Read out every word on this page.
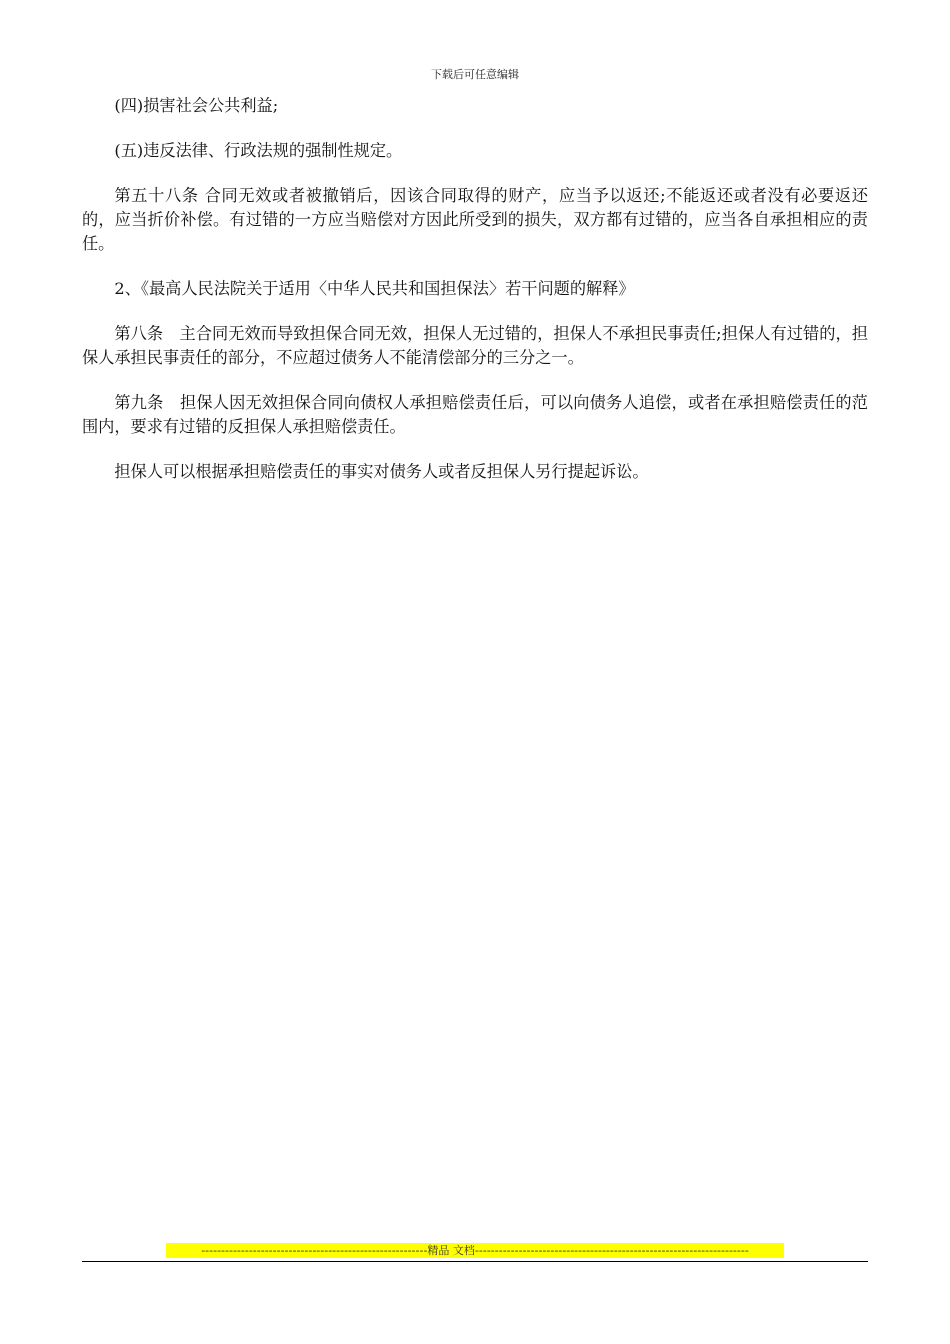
下载后可任意编辑

(四)损害社会公共利益;

(五)违反法律、行政法规的强制性规定。

第五十八条 合同无效或者被撤销后，因该合同取得的财产，应当予以返还;不能返还或者没有必要返还的，应当折价补偿。有过错的一方应当赔偿对方因此所受到的损失，双方都有过错的，应当各自承担相应的责任。

2、《最高人民法院关于适用〈中华人民共和国担保法〉若干问题的解释》

第八条　主合同无效而导致担保合同无效，担保人无过错的，担保人不承担民事责任;担保人有过错的，担保人承担民事责任的部分，不应超过债务人不能清偿部分的三分之一。

第九条　担保人因无效担保合同向债权人承担赔偿责任后，可以向债务人追偿，或者在承担赔偿责任的范围内，要求有过错的反担保人承担赔偿责任。

担保人可以根据承担赔偿责任的事实对债务人或者反担保人另行提起诉讼。

---------------------------------------------------------精品 文档---------------------------------------------------------------------
